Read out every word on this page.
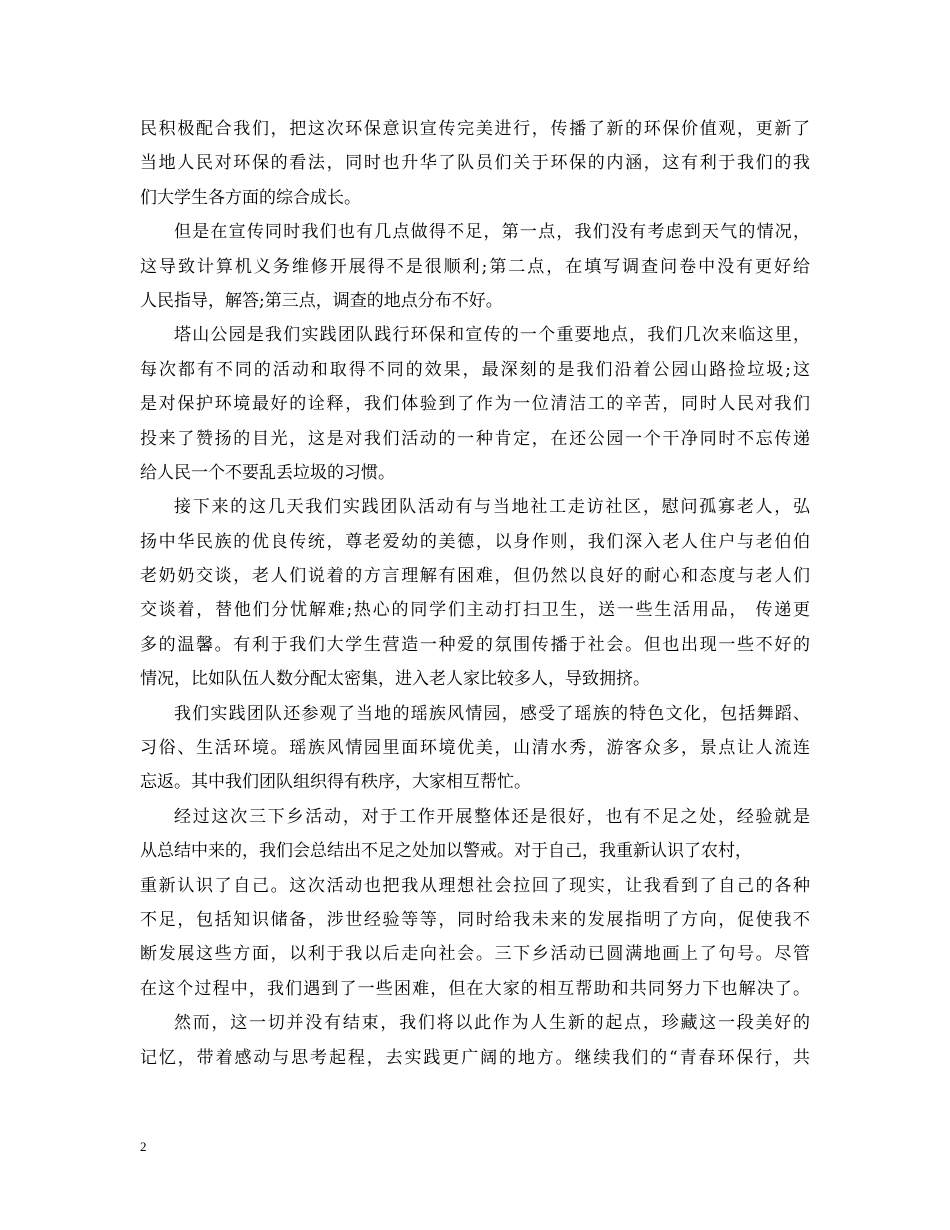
民积极配合我们，把这次环保意识宣传完美进行，传播了新的环保价值观，更新了
当地人民对环保的看法，同时也升华了队员们关于环保的内涵，这有利于我们的我
们大学生各方面的综合成长。
但是在宣传同时我们也有几点做得不足，第一点，我们没有考虑到天气的情况，
这导致计算机义务维修开展得不是很顺利;第二点，在填写调查问卷中没有更好给
人民指导，解答;第三点，调查的地点分布不好。
塔山公园是我们实践团队践行环保和宣传的一个重要地点，我们几次来临这里，
每次都有不同的活动和取得不同的效果，最深刻的是我们沿着公园山路捡垃圾;这
是对保护环境最好的诠释，我们体验到了作为一位清洁工的辛苦，同时人民对我们
投来了赞扬的目光，这是对我们活动的一种肯定，在还公园一个干净同时不忘传递
给人民一个不要乱丢垃圾的习惯。
接下来的这几天我们实践团队活动有与当地社工走访社区，慰问孤寡老人，弘
扬中华民族的优良传统，尊老爱幼的美德，以身作则，我们深入老人住户与老伯伯
老奶奶交谈，老人们说着的方言理解有困难，但仍然以良好的耐心和态度与老人们
交谈着，替他们分忧解难;热心的同学们主动打扫卫生，送一些生活用品， 传递更
多的温馨。有利于我们大学生营造一种爱的氛围传播于社会。但也出现一些不好的
情况，比如队伍人数分配太密集，进入老人家比较多人，导致拥挤。
我们实践团队还参观了当地的瑶族风情园，感受了瑶族的特色文化，包括舞蹈、
习俗、生活环境。瑶族风情园里面环境优美，山清水秀，游客众多，景点让人流连
忘返。其中我们团队组织得有秩序，大家相互帮忙。
经过这次三下乡活动，对于工作开展整体还是很好，也有不足之处，经验就是
从总结中来的，我们会总结出不足之处加以警戒。对于自己，我重新认识了农村，
重新认识了自己。这次活动也把我从理想社会拉回了现实，让我看到了自己的各种
不足，包括知识储备，涉世经验等等，同时给我未来的发展指明了方向，促使我不
断发展这些方面，以利于我以后走向社会。三下乡活动已圆满地画上了句号。尽管
在这个过程中，我们遇到了一些困难，但在大家的相互帮助和共同努力下也解决了。
然而，这一切并没有结束，我们将以此作为人生新的起点，珍藏这一段美好的
记忆，带着感动与思考起程，去实践更广阔的地方。继续我们的“青春环保行，共
2
